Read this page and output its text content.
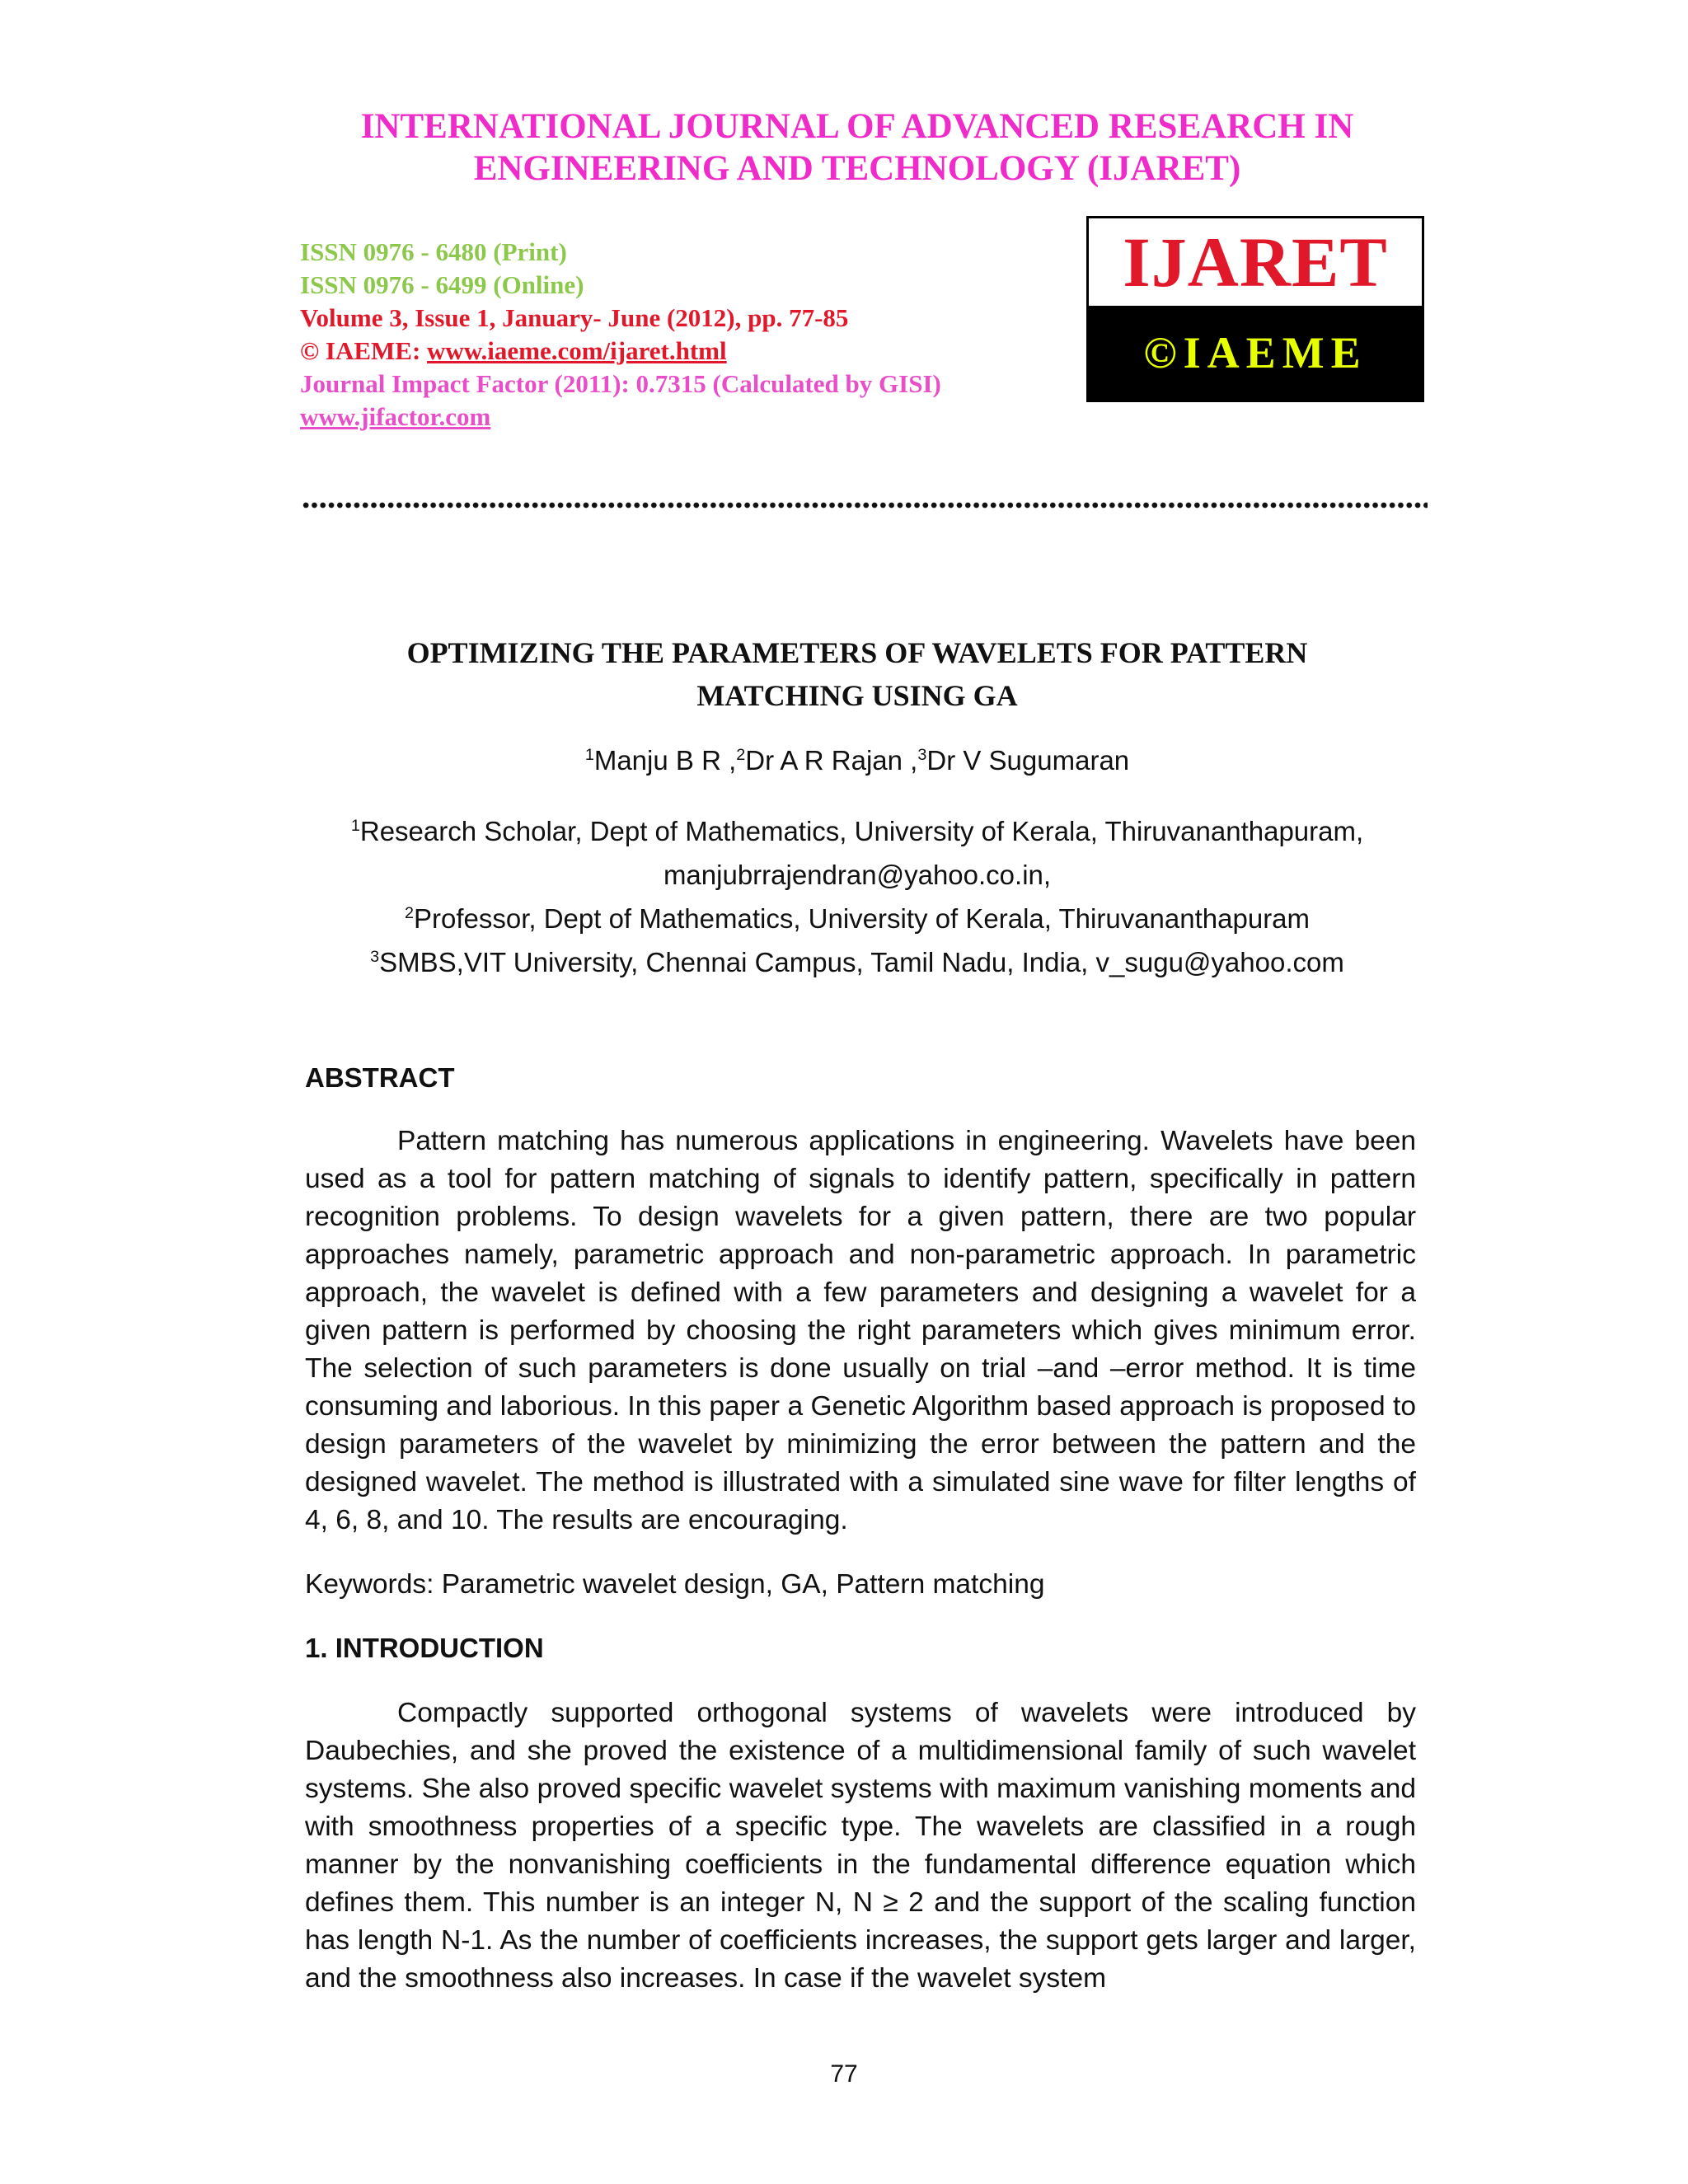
INTERNATIONAL JOURNAL OF ADVANCED RESEARCH IN
ENGINEERING AND TECHNOLOGY (IJARET)
ISSN 0976 - 6480 (Print)
ISSN 0976 - 6499 (Online)
Volume 3, Issue 1, January- June (2012), pp. 77-85
© IAEME: www.iaeme.com/ijaret.html
Journal Impact Factor (2011): 0.7315 (Calculated by GISI)
www.jifactor.com
IJARET
©IAEME
OPTIMIZING THE PARAMETERS OF WAVELETS FOR PATTERN
MATCHING USING GA
$^1$Manju B R ,$^2$Dr A R Rajan ,$^3$Dr V Sugumaran
$^1$Research Scholar, Dept of Mathematics, University of Kerala, Thiruvananthapuram,
manjubrrajendran@yahoo.co.in,
$^2$Professor, Dept of Mathematics, University of Kerala, Thiruvananthapuram
$^3$SMBS,VIT University, Chennai Campus, Tamil Nadu, India, v_sugu@yahoo.com
ABSTRACT
Pattern matching has numerous applications in engineering. Wavelets have been used as a tool for pattern matching of signals to identify pattern, specifically in pattern recognition problems. To design wavelets for a given pattern, there are two popular approaches namely, parametric approach and non-parametric approach. In parametric approach, the wavelet is defined with a few parameters and designing a wavelet for a given pattern is performed by choosing the right parameters which gives minimum error. The selection of such parameters is done usually on trial –and –error method. It is time consuming and laborious. In this paper a Genetic Algorithm based approach is proposed to design parameters of the wavelet by minimizing the error between the pattern and the designed wavelet. The method is illustrated with a simulated sine wave for filter lengths of 4, 6, 8, and 10. The results are encouraging.
Keywords: Parametric wavelet design, GA, Pattern matching
1. INTRODUCTION
Compactly supported orthogonal systems of wavelets were introduced by Daubechies, and she proved the existence of a multidimensional family of such wavelet systems. She also proved specific wavelet systems with maximum vanishing moments and with smoothness properties of a specific type. The wavelets are classified in a rough manner by the nonvanishing coefficients in the fundamental difference equation which defines them. This number is an integer N, N ≥ 2 and the support of the scaling function has length N-1. As the number of coefficients increases, the support gets larger and larger, and the smoothness also increases. In case if the wavelet system
77
